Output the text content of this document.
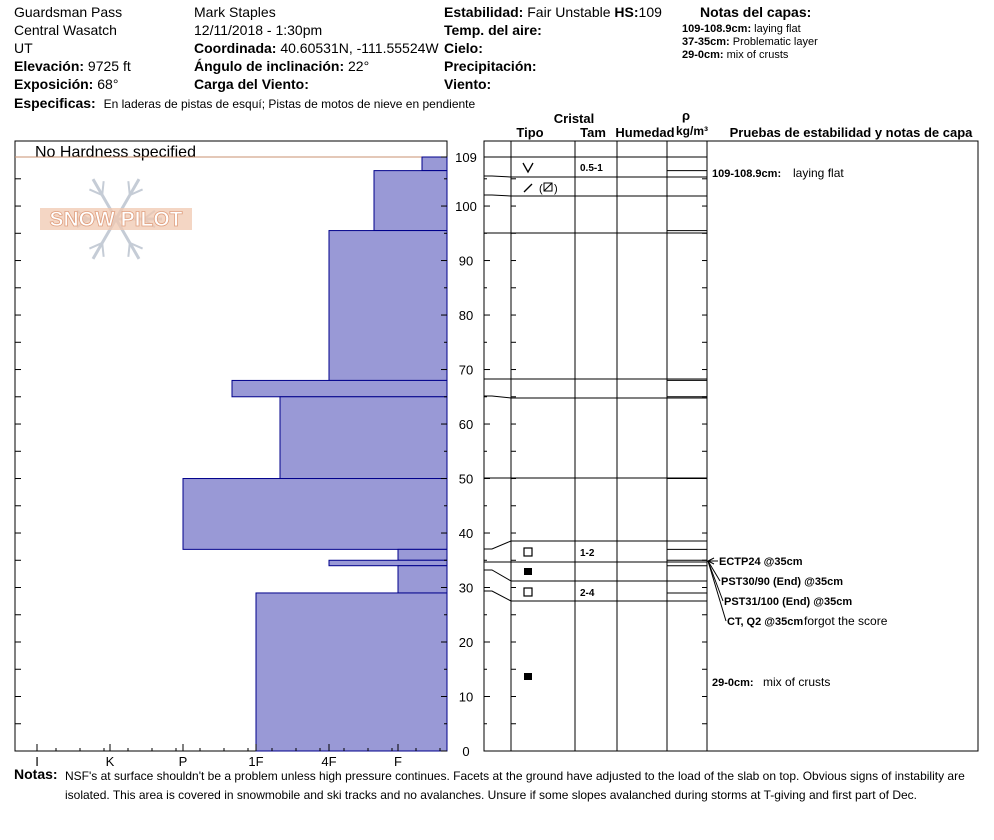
Guardsman Pass
Central Wasatch
UT
Elevación: 9725 ft
Exposición: 68°
Especificas: En laderas de pistas de esquí; Pistas de motos de nieve en pendiente
Mark Staples
12/11/2018 - 1:30pm
Coordinada: 40.60531N, -111.55524W
Ángulo de inclinación: 22°
Carga del Viento:
Estabilidad: Fair Unstable HS:109
Temp. del aire:
Cielo:
Precipitación:
Viento:
Notas del capas:
109-108.9cm: laying flat
37-35cm: Problematic layer
29-0cm: mix of crusts
No Hardness specified
SNOW PILOT
I	K	P	1F	4F	F
109
100
90
80
70
60
50
40
30
20
10
0
Cristal
Tipo	Tam Humedad
ρ
kg/m³ Pruebas de estabilidad y notas de capa
( )
0.5-1
1-2
2-4
ECTP24 @35cm
PST30/90 (End) @35cm
PST31/100 (End) @35cm
CT, Q2 @35cm forgot the score
109-108.9cm: laying flat
29-0cm: mix of crusts
Notas: NSF's at surface shouldn't be a problem unless high pressure continues. Facets at the ground have adjusted to the load of the slab on top. Obvious signs of instability are
isolated. This area is covered in snowmobile and ski tracks and no avalanches. Unsure if some slopes avalanched during storms at T-giving and first part of Dec.
